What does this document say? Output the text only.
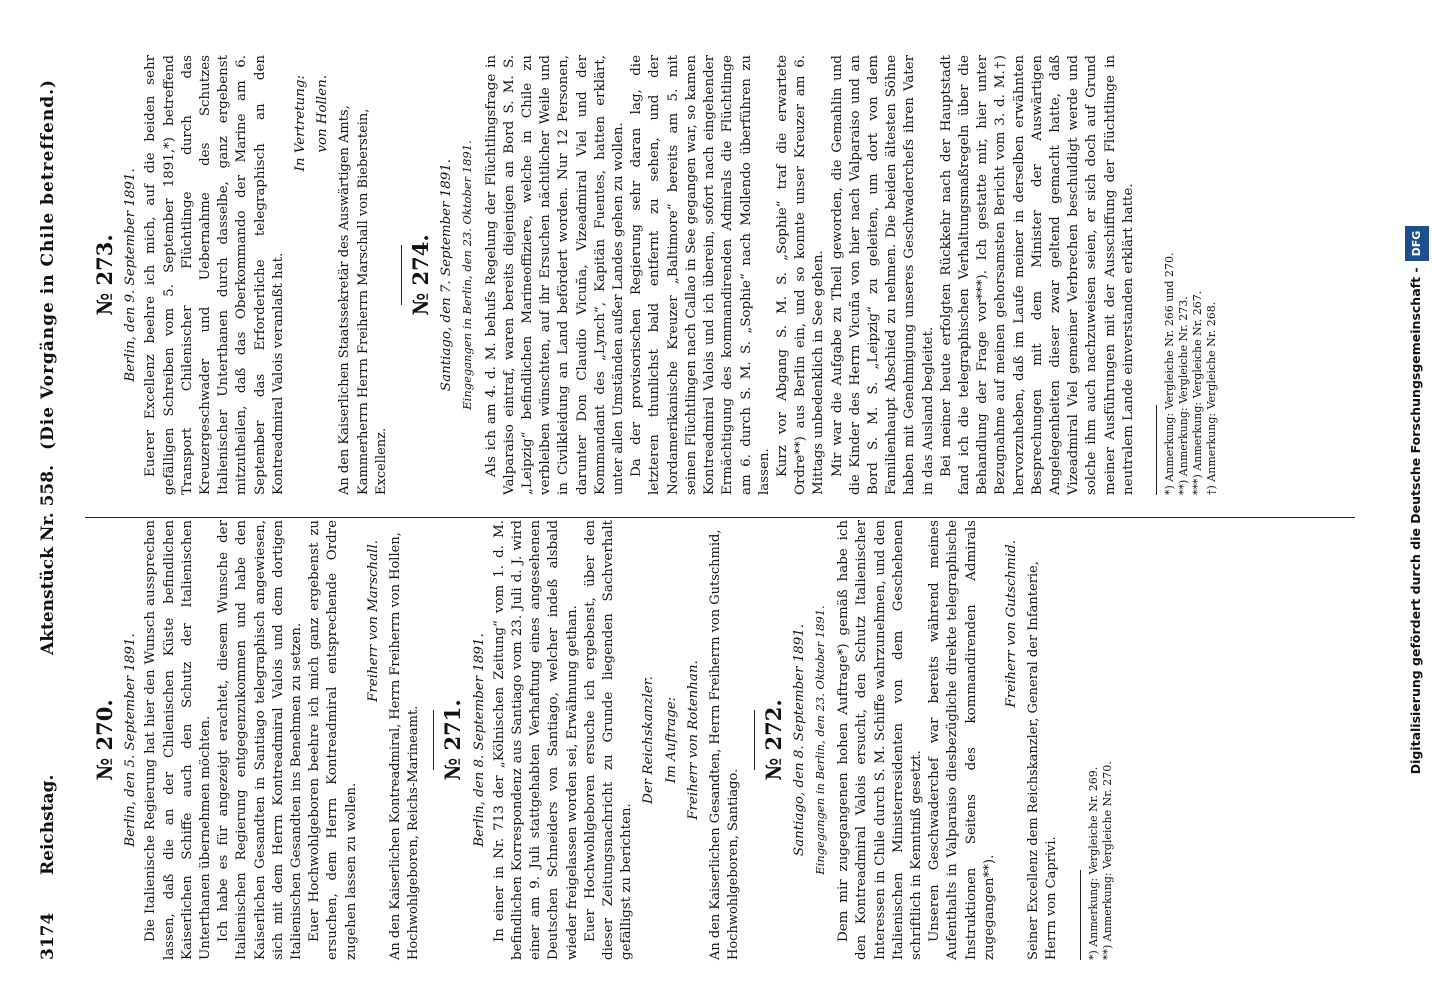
3174
Reichstag.
Aktenstück Nr. 558.
(Die Vorgänge in Chile betreffend.)
№ 270. Berlin, den 5. September 1891. Die Italienische Regierung hat hier den Wunsch aussprechen lassen, daß die an der Chilenischen Küste befindlichen Kaiserlichen Schiffe auch den Schutz der Italienischen Unterthanen übernehmen möchten. Ich habe es für angezeigt erachtet, diesem Wunsche der Italienischen Regierung entgegenzukommen und habe den Kaiserlichen Gesandten in Santiago telegraphisch angewiesen, sich mit dem Herrn Kontreadmiral Valois und dem dortigen Italienischen Gesandten ins Benehmen zu setzen. Euer Hochwohlgeboren beehre ich mich ganz ergebenst zu ersuchen, dem Herrn Kontreadmiral entsprechende Ordre zugehen lassen zu wollen.

Freiherr von Marschall. An den Kaiserlichen Kontreadmiral, Herrn Freiherrn von Hollen, Hochwohlgeboren, Reichs-Marineamt. № 271. Berlin, den 8. September 1891. In einer in Nr. 713 der „Kölnischen Zeitung“ vom 1. d. M. befindlichen Korrespondenz aus Santiago vom 23. Juli d. J. wird einer am 9. Juli stattgehabten Verhaftung eines angesehenen Deutschen Schneiders von Santiago, welcher indeß alsbald wieder freigelassen worden sei, Erwähnung gethan. Euer Hochwohlgeboren ersuche ich ergebenst, über den dieser Zeitungsnachricht zu Grunde liegenden Sachverhalt gefälligst zu berichten.

Der Reichskanzler. Im Auftrage: Freiherr von Rotenhan. An den Kaiserlichen Gesandten, Herrn Freiherrn von Gutschmid, Hochwohlgeboren, Santiago.
№ 272. Santiago, den 8. September 1891. Eingegangen in Berlin, den 23. Oktober 1891. Dem mir zugegangenen hohen Auftrage*) gemäß habe ich den Kontreadmiral Valois ersucht, den Schutz Italienischer Interessen in Chile durch S. M. Schiffe wahrzunehmen, und den Italienischen Ministerresidenten von dem Geschehenen schriftlich in Kenntniß gesetzt. Unseren Geschwaderchef war bereits während meines Aufenthalts in Valparaiso diesbezügliche direkte telegraphische Instruktionen Seitens des kommandirenden Admirals zugegangen**).

Freiherr von Gutschmid. Seiner Excellenz dem Reichskanzler, General der Infanterie, Herrn von Caprivi. *) Anmerkung: Vergleiche Nr. 269. **) Anmerkung: Vergleiche Nr. 270.

№ 273. Berlin, den 9. September 1891. Euerer Excellenz beehre ich mich, auf die beiden sehr gefälligen Schreiben vom 5. September 1891,*) betreffend Transport Chilenischer Flüchtlinge durch das Kreuzergeschwader und Uebernahme des Schutzes Italienischer Unterthanen durch dasselbe, ganz ergebenst mitzutheilen, daß das Oberkommando der Marine am 6. September das Erforderliche telegraphisch an den Kontreadmiral Valois veranlaßt hat.

In Vertretung: von Hollen. An den Kaiserlichen Staatssekretär des Auswärtigen Amts, Kammerherrn Herrn Freiherrn Marschall von Bieberstein, Excellenz.
№ 274. Santiago, den 7. September 1891. Eingegangen in Berlin, den 23. Oktober 1891. Als ich am 4. d. M. behufs Regelung der Flüchtlingsfrage in Valparaiso eintraf, waren bereits diejenigen an Bord S. M. S. „Leipzig“ befindlichen Marineoffiziere, welche in Chile zu verbleiben wünschten, auf ihr Ersuchen nächtlicher Weile und in Civilkleidung an Land befördert worden. Nur 12 Personen, darunter Don Claudio Vicuña, Vizeadmiral Viel und der Kommandant des „Lynch“, Kapitän Fuentes, hatten erklärt, unter allen Umständen außer Landes gehen zu wollen. Da der provisorischen Regierung sehr daran lag, die letzteren thunlichst bald entfernt zu sehen, und der Nordamerikanische Kreuzer „Baltimore“ bereits am 5. mit seinen Flüchtlingen nach Callao in See gegangen war, so kamen Kontreadmiral Valois und ich überein, sofort nach eingehender Ermächtigung des kommandirenden Admirals die Flüchtlinge am 6. durch S. M. S. „Sophie“ nach Mollendo überführen zu lassen. Kurz vor Abgang S. M. S. „Sophie“ traf die erwartete Ordre**) aus Berlin ein, und so konnte unser Kreuzer am 6. Mittags unbedenklich in See gehen. Mir war die Aufgabe zu Theil geworden, die Gemahlin und die Kinder des Herrn Vicuña von hier nach Valparaiso und an Bord S. M. S. „Leipzig“ zu geleiten, um dort von dem Familienhaupt Abschied zu nehmen. Die beiden ältesten Söhne haben mit Genehmigung unseres Geschwaderchefs ihren Vater in das Ausland begleitet. Bei meiner heute erfolgten Rückkehr nach der Hauptstadt fand ich die telegraphischen Verhaltungsmaßregeln über die Behandlung der Frage vor***). Ich gestatte mir, hier unter Bezugnahme auf meinen gehorsamsten Bericht vom 3. d. M.†) hervorzuheben, daß im Laufe meiner in derselben erwähnten Besprechungen mit dem Minister der Auswärtigen Angelegenheiten dieser zwar geltend gemacht hatte, daß Vizeadmiral Viel gemeiner Verbrechen beschuldigt werde und solche ihm auch nachzuweisen seien, er sich doch auf Grund meiner Ausführungen mit der Ausschiffung der Flüchtlinge in neutralem Lande einverstanden erklärt hatte. *) Anmerkung: Vergleiche Nr. 266 und 270. **) Anmerkung: Vergleiche Nr. 273. ***) Anmerkung: Vergleiche Nr. 267. †) Anmerkung: Vergleiche Nr. 268.	Digitalisierung gefördert durch die Deutsche Forschungsgemeinschaft -DFG
